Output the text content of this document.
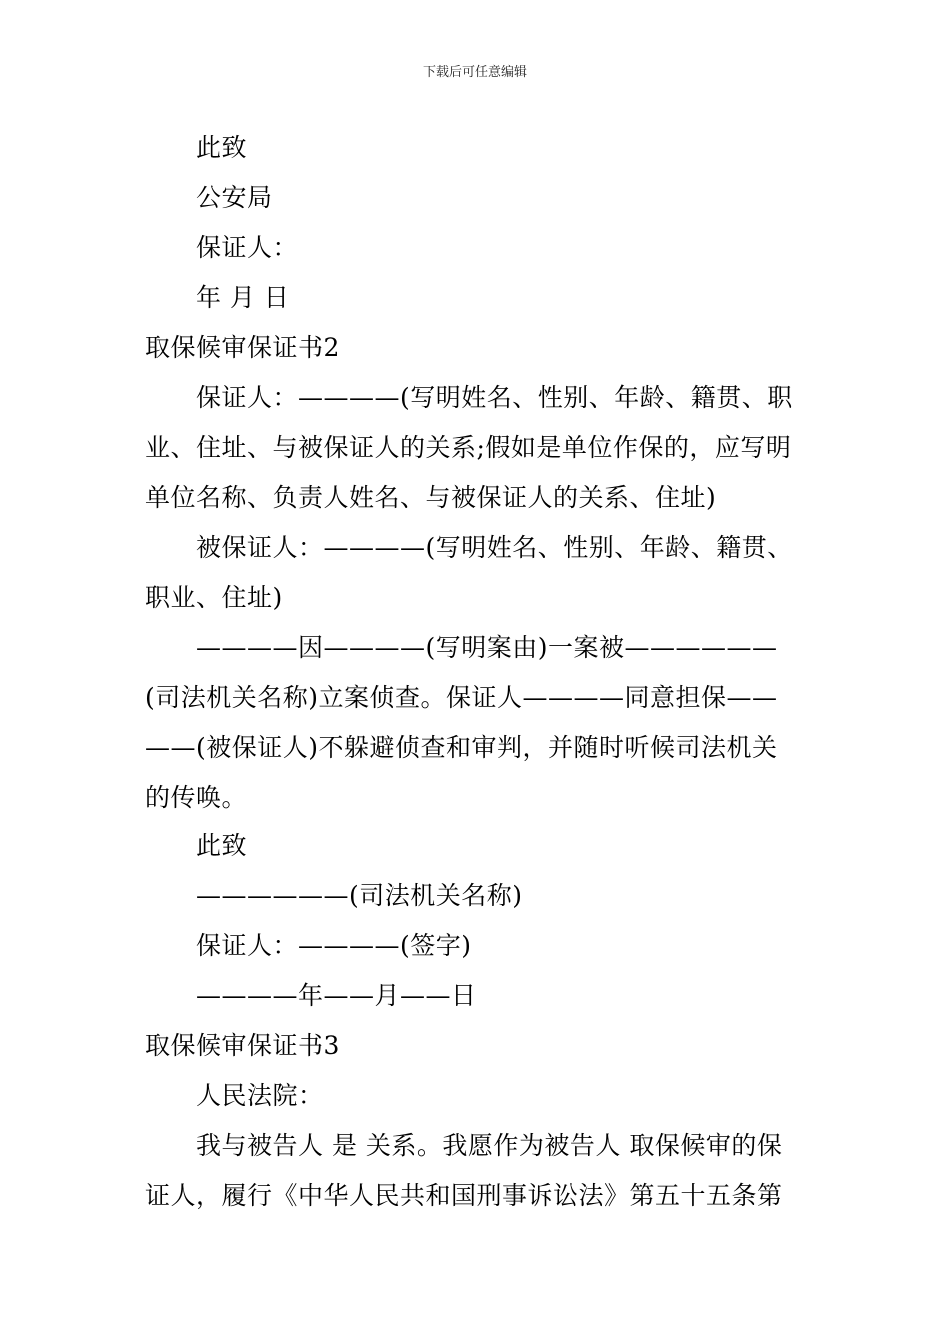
下载后可任意编辑
此致
公安局
保证人：
年 月 日
取保候审保证书2
保证人：————(写明姓名、性别、年龄、籍贯、职
业、住址、与被保证人的关系;假如是单位作保的，应写明
单位名称、负责人姓名、与被保证人的关系、住址)
被保证人：————(写明姓名、性别、年龄、籍贯、
职业、住址)
————因————(写明案由)一案被——————
(司法机关名称)立案侦查。保证人————同意担保——
——(被保证人)不躲避侦查和审判，并随时听候司法机关
的传唤。
此致
——————(司法机关名称)
保证人：————(签字)
————年——月——日
取保候审保证书3
人民法院：
我与被告人 是 关系。我愿作为被告人 取保候审的保
证人，履行《中华人民共和国刑事诉讼法》第五十五条第
